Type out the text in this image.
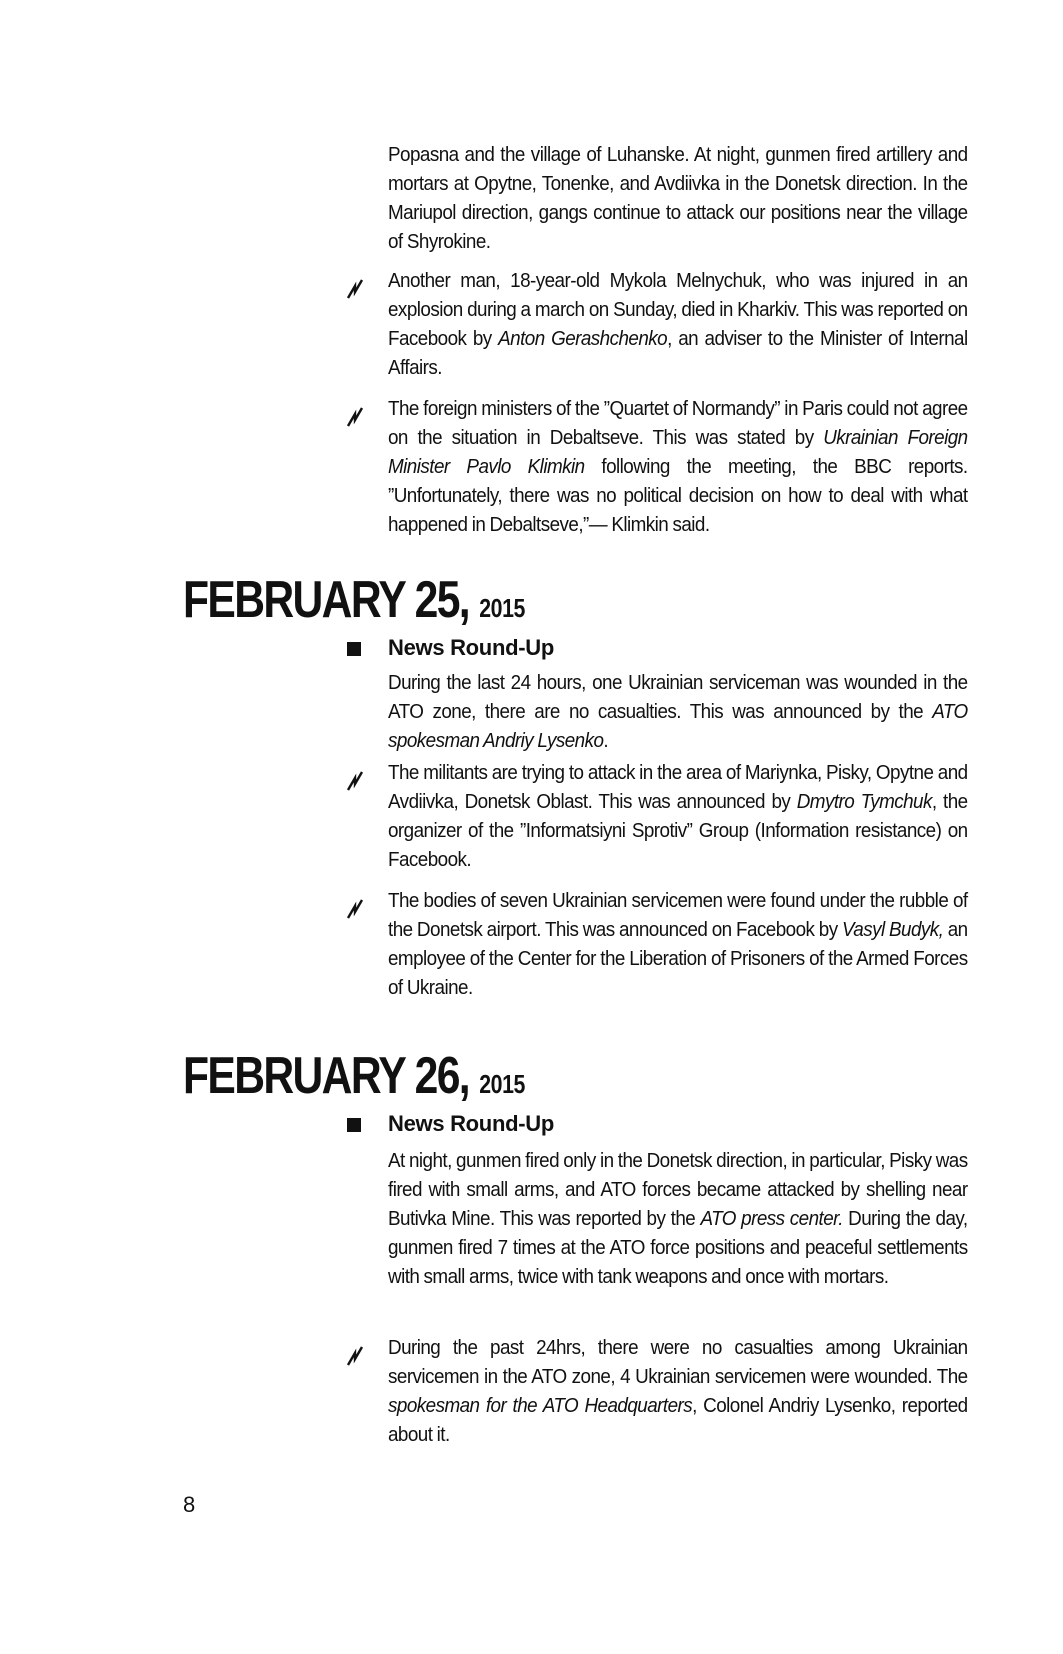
Popasna and the village of Luhanske. At night, gunmen fired artillery and mortars at Opytne, Tonenke, and Avdiivka in the Donetsk direction. In the Mariupol direction, gangs continue to attack our positions near the village of Shyrokine.
Another man, 18-year-old Mykola Melnychuk, who was injured in an explosion during a march on Sunday, died in Kharkiv. This was reported on Facebook by Anton Gerashchenko, an adviser to the Minister of Internal Affairs.
The foreign ministers of the ”Quartet of Normandy” in Paris could not agree on the situation in Debaltseve. This was stated by Ukrainian Foreign Minister Pavlo Klimkin following the meeting, the BBC reports. ”Unfortunately, there was no political decision on how to deal with what happened in Debaltseve,”— Klimkin said.
FEBRUARY 25, 2015
News Round-Up
During the last 24 hours, one Ukrainian serviceman was wounded in the ATO zone, there are no casualties. This was announced by the ATO spokesman Andriy Lysenko.
The militants are trying to attack in the area of Mariynka, Pisky, Opytne and Avdiivka, Donetsk Oblast. This was announced by Dmytro Tymchuk, the organizer of the ”Informatsiyni Sprotiv” Group (Information resistance) on Facebook.
The bodies of seven Ukrainian servicemen were found under the rubble of the Donetsk airport. This was announced on Facebook by Vasyl Budyk, an employee of the Center for the Liberation of Prisoners of the Armed Forces of Ukraine.
FEBRUARY 26, 2015
News Round-Up
At night, gunmen fired only in the Donetsk direction, in particular, Pisky was fired with small arms, and ATO forces became attacked by shelling near Butivka Mine. This was reported by the ATO press center. During the day, gunmen fired 7 times at the ATO force positions and peaceful settlements with small arms, twice with tank weapons and once with mortars.
During the past 24hrs, there were no casualties among Ukrainian servicemen in the ATO zone, 4 Ukrainian servicemen were wounded. The spokesman for the ATO Headquarters, Colonel Andriy Lysenko, reported about it.
8
